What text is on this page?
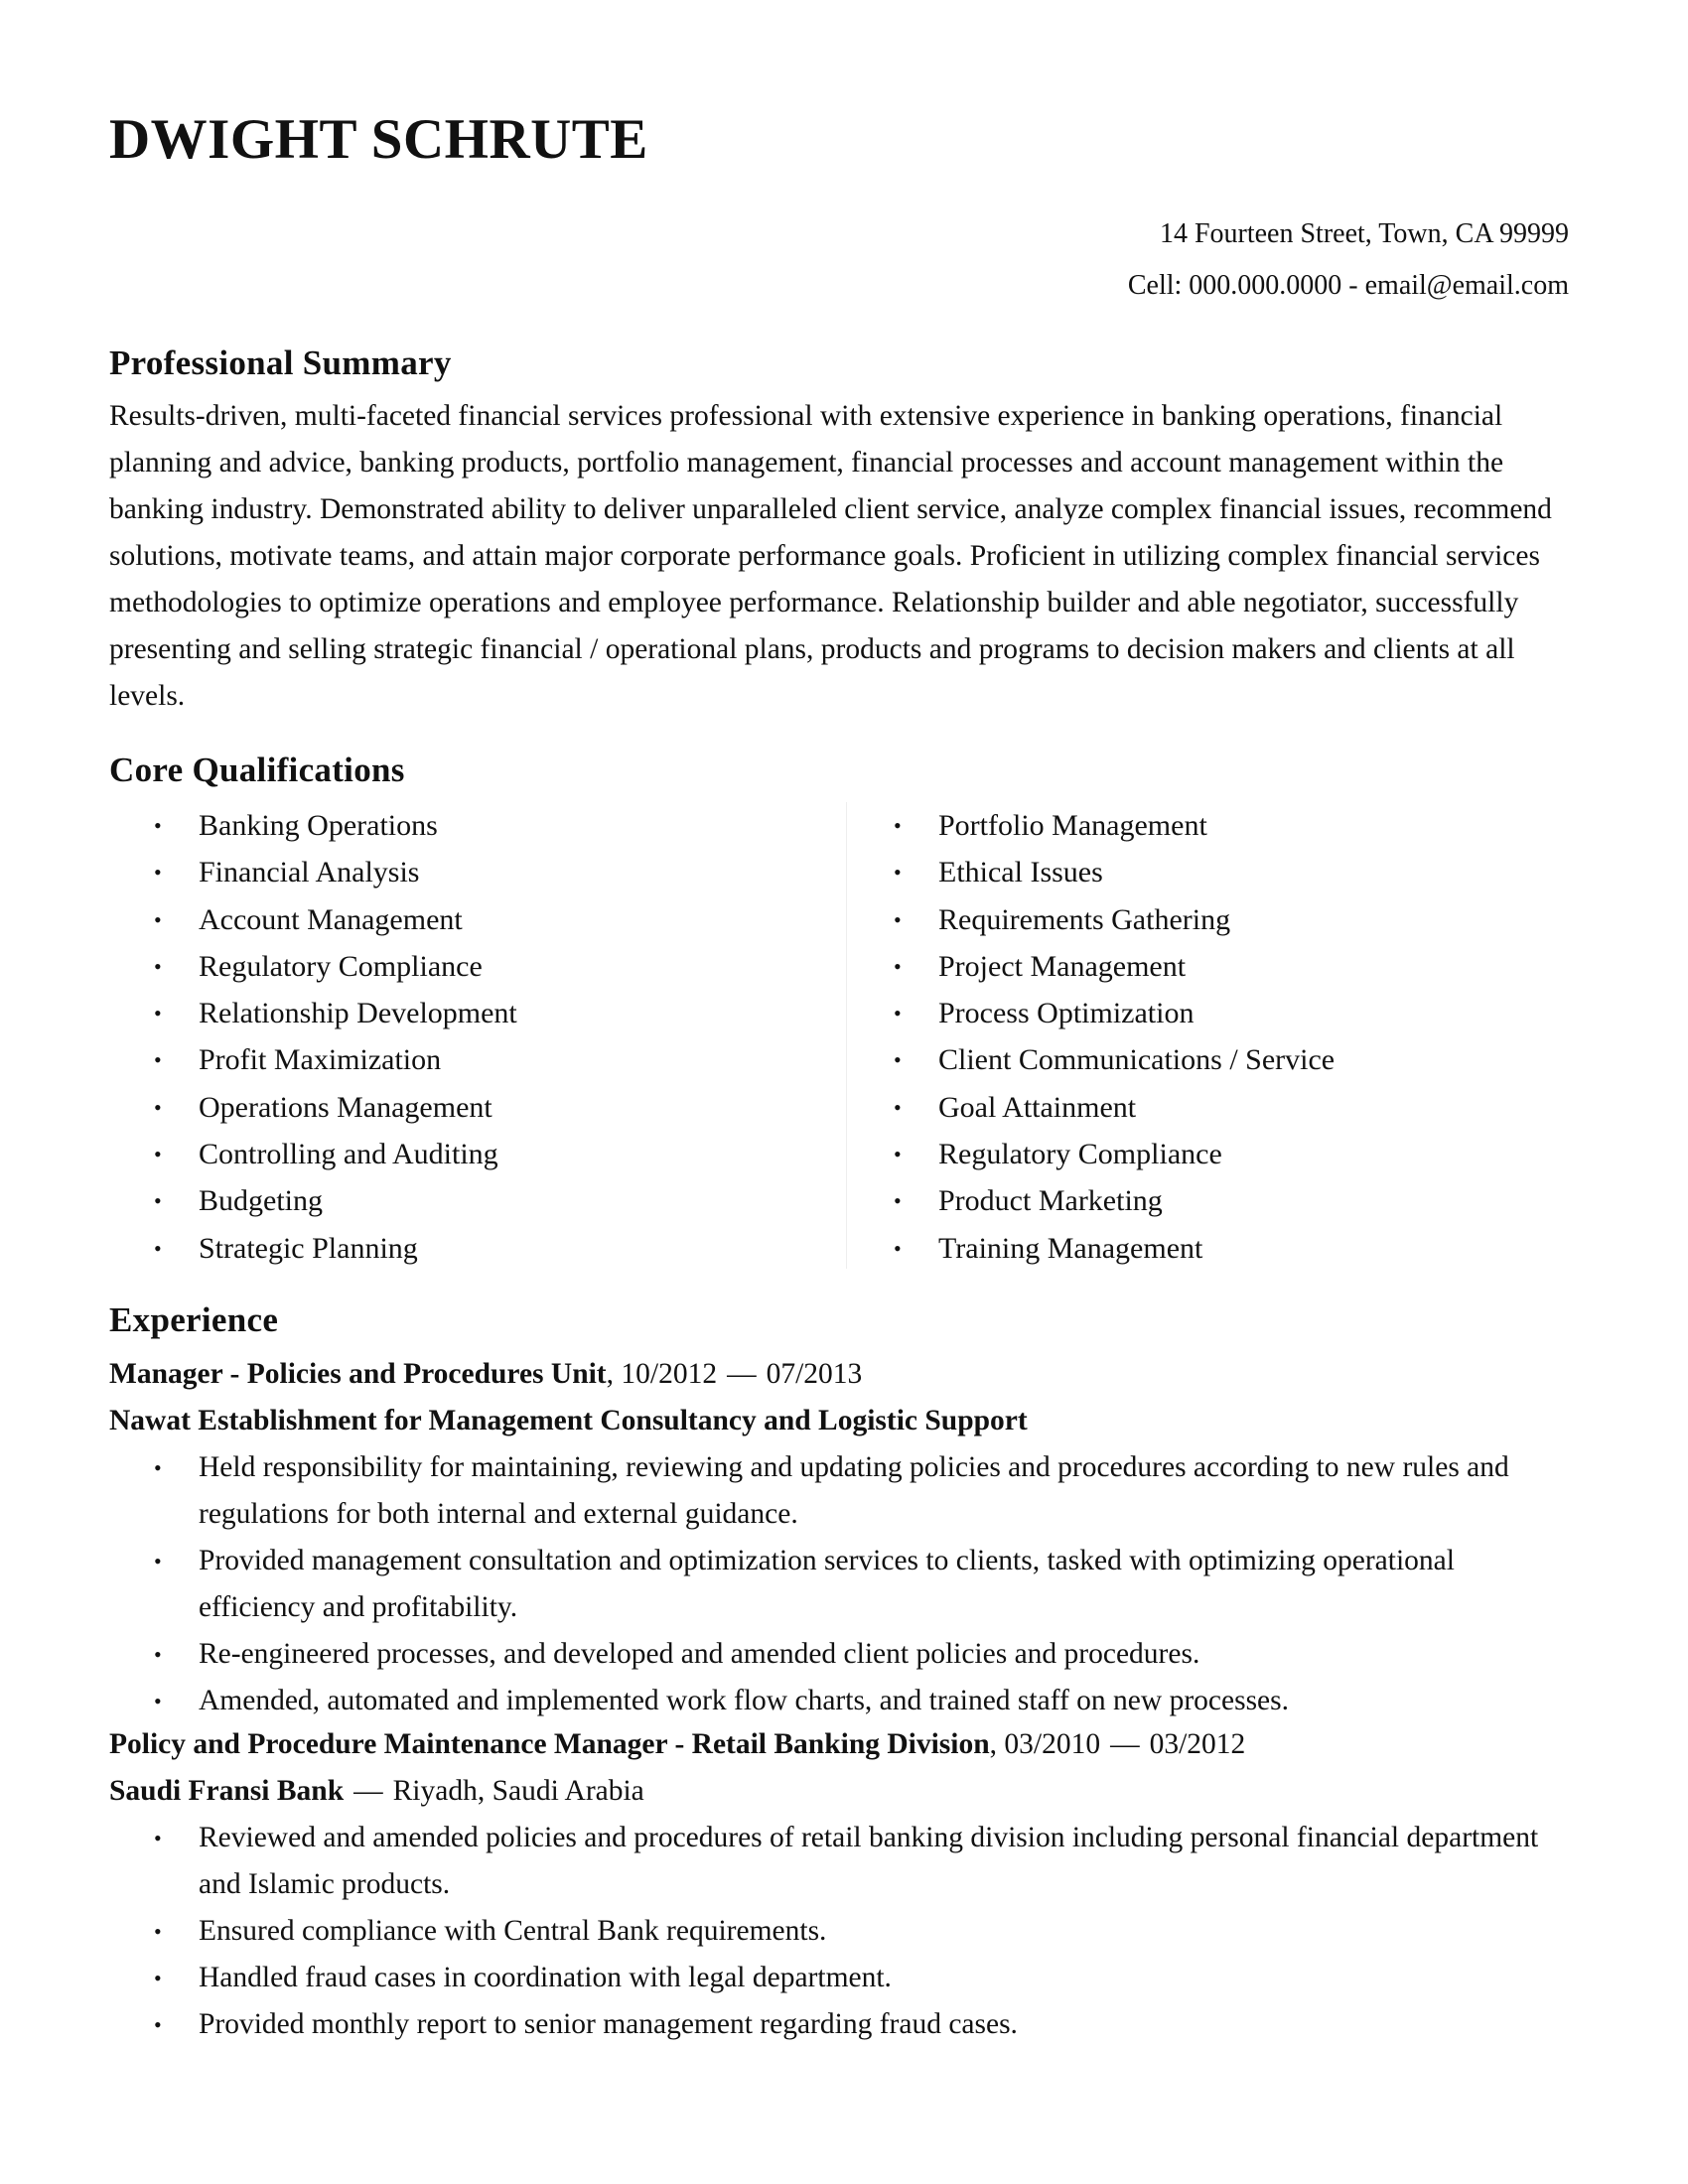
DWIGHT SCHRUTE
14 Fourteen Street, Town, CA 99999
Cell: 000.000.0000 - email@email.com
Professional Summary

Results-driven, multi-faceted financial services professional with extensive experience in banking operations, financial planning and advice, banking products, portfolio management, financial processes and account management within the banking industry. Demonstrated ability to deliver unparalleled client service, analyze complex financial issues, recommend solutions, motivate teams, and attain major corporate performance goals. Proficient in utilizing complex financial services methodologies to optimize operations and employee performance. Relationship builder and able negotiator, successfully presenting and selling strategic financial / operational plans, products and programs to decision makers and clients at all levels.

Core Qualifications
• Banking Operations
• Financial Analysis
• Account Management
• Regulatory Compliance
• Relationship Development
• Profit Maximization
• Operations Management
• Controlling and Auditing
• Budgeting
• Strategic Planning
• Portfolio Management
• Ethical Issues
• Requirements Gathering
• Project Management
• Process Optimization
• Client Communications / Service
• Goal Attainment
• Regulatory Compliance
• Product Marketing
• Training Management
Experience

Manager - Policies and Procedures Unit, 10/2012 — 07/2013

Nawat Establishment for Management Consultancy and Logistic Support

• Held responsibility for maintaining, reviewing and updating policies and procedures according to new rules and regulations for both internal and external guidance.
• Provided management consultation and optimization services to clients, tasked with optimizing operational efficiency and profitability.
• Re-engineered processes, and developed and amended client policies and procedures.
• Amended, automated and implemented work flow charts, and trained staff on new processes.

Policy and Procedure Maintenance Manager - Retail Banking Division, 03/2010 — 03/2012

Saudi Fransi Bank — Riyadh, Saudi Arabia

• Reviewed and amended policies and procedures of retail banking division including personal financial department and Islamic products.
• Ensured compliance with Central Bank requirements.
• Handled fraud cases in coordination with legal department.
• Provided monthly report to senior management regarding fraud cases.
